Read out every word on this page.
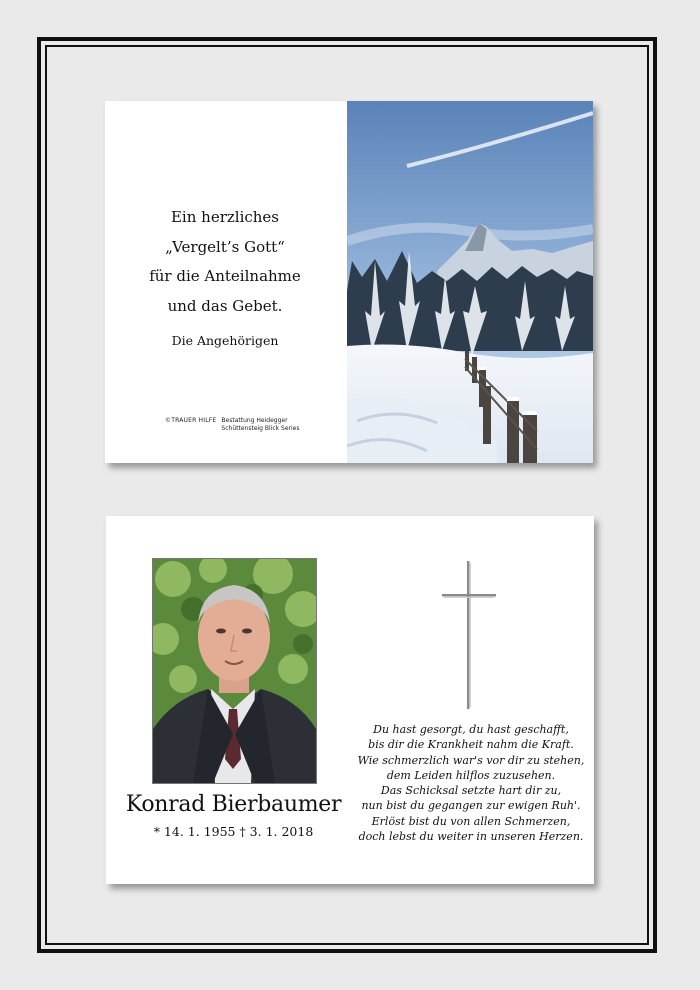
Ein herzliches
„Vergelt’s Gott“
für die Anteilnahme
und das Gebet.
Die Angehörigen
©TRAUER HILFE Bestattung Heidegger
Schüttensteig Blick Series
Konrad Bierbaumer
* 14. 1. 1955 † 3. 1. 2018
Du hast gesorgt, du hast geschafft,
bis dir die Krankheit nahm die Kraft.
Wie schmerzlich war's vor dir zu stehen,
dem Leiden hilflos zuzusehen.
Das Schicksal setzte hart dir zu,
nun bist du gegangen zur ewigen Ruh'.
Erlöst bist du von allen Schmerzen,
doch lebst du weiter in unseren Herzen.
